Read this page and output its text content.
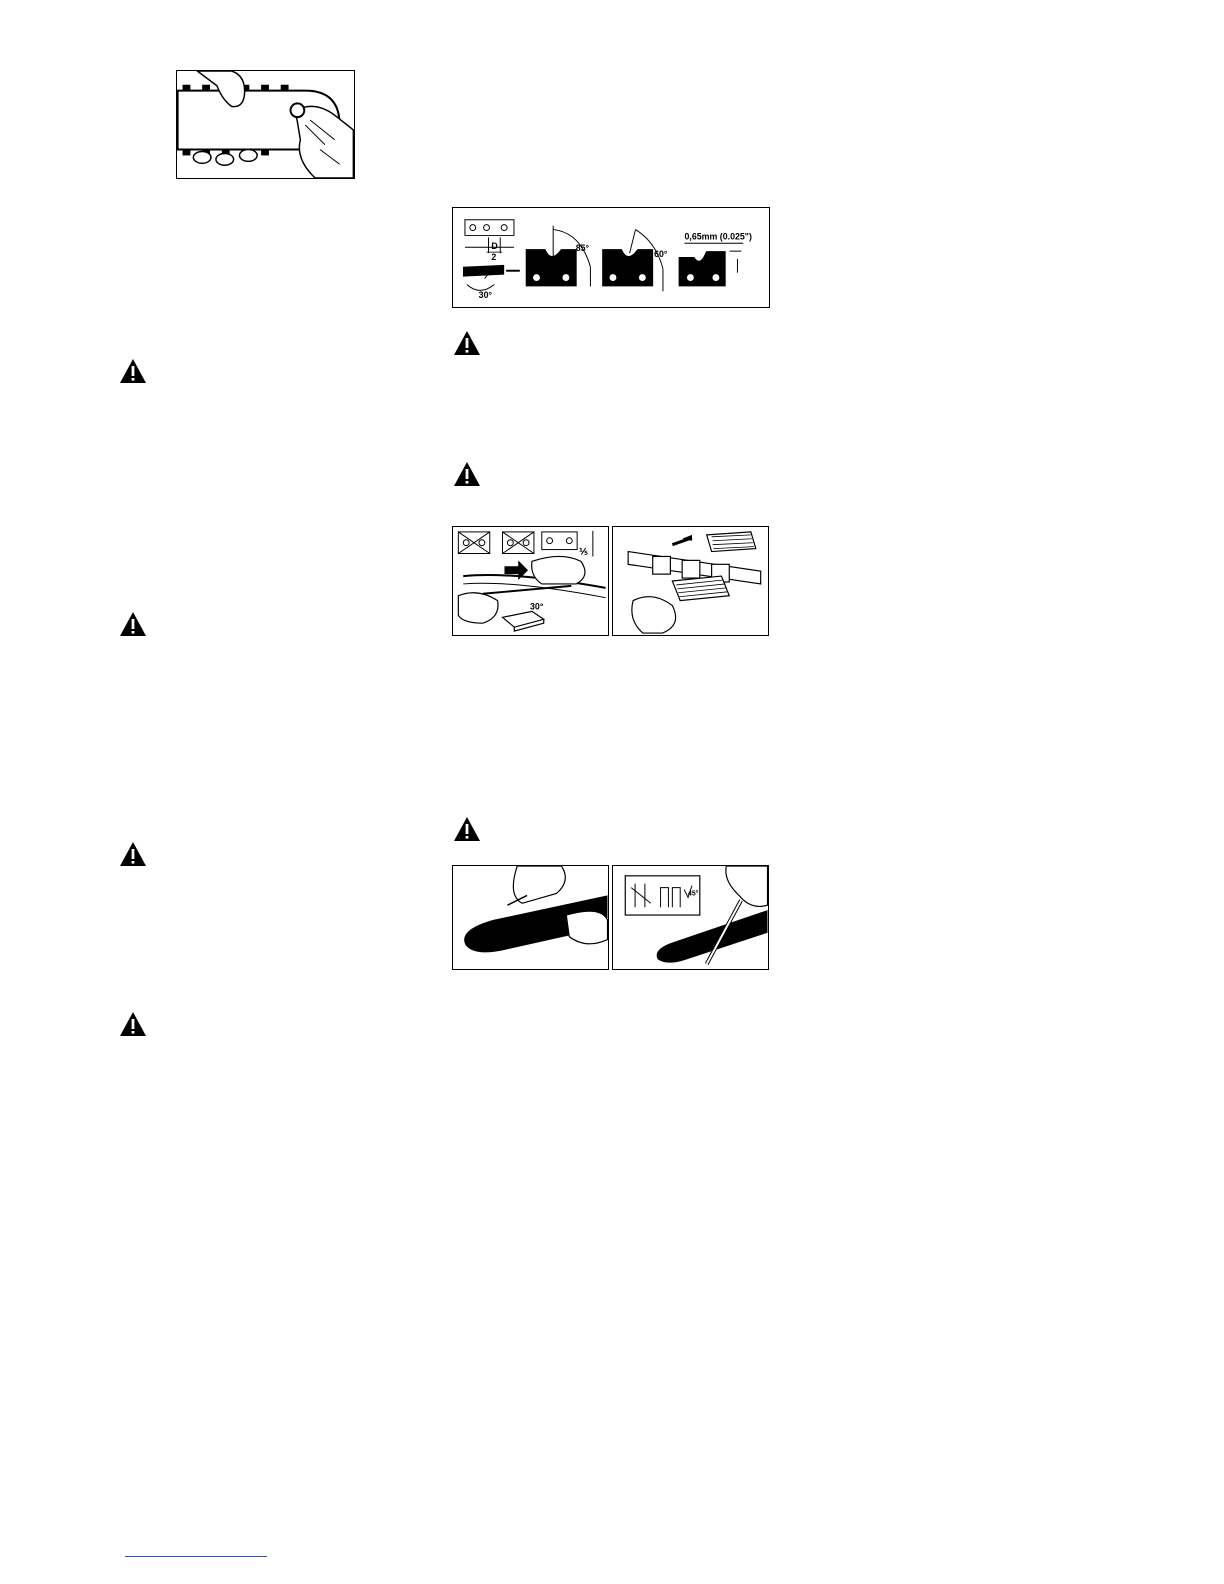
D
2
30°
85°
60°
0,65mm (0.025")
⅕
30°
45°
